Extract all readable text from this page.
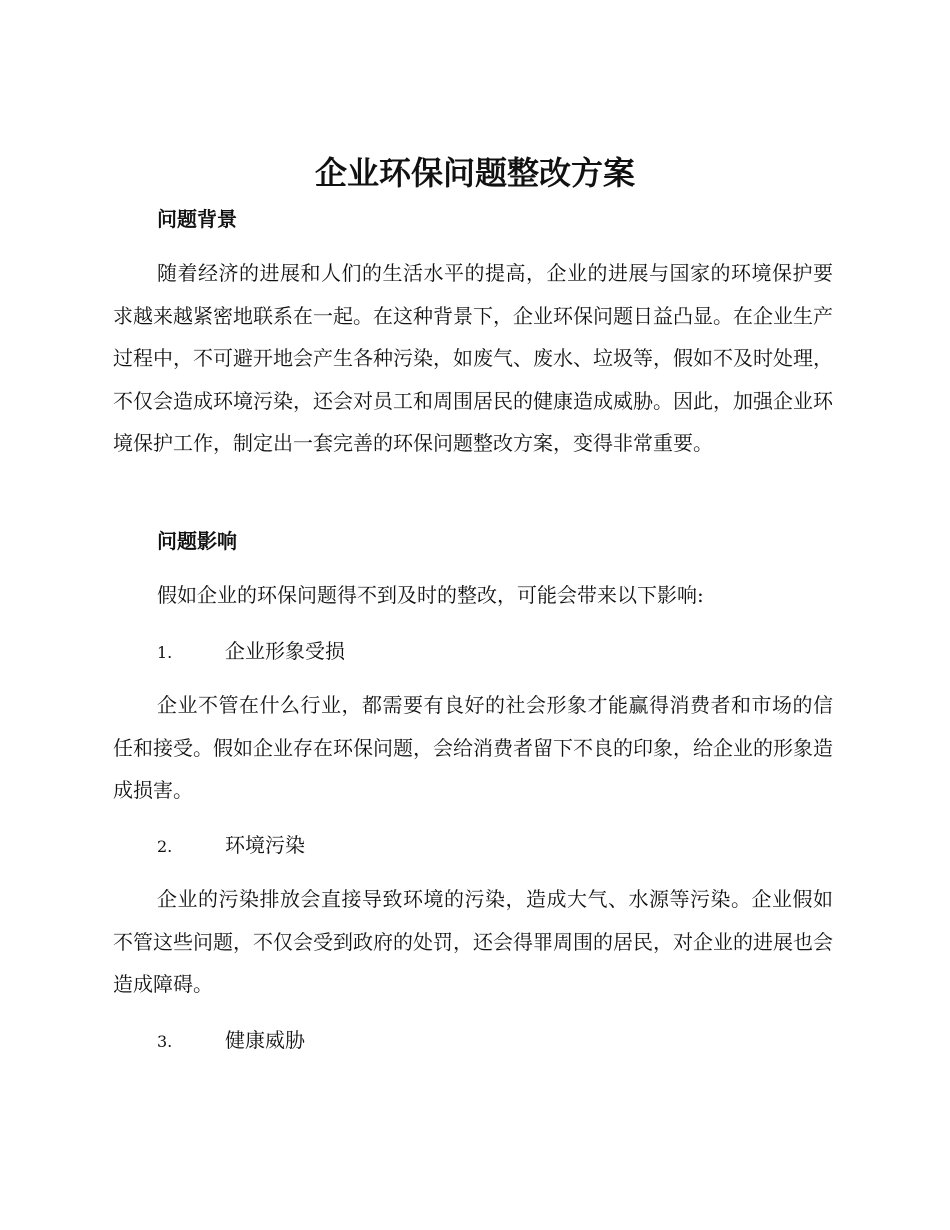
企业环保问题整改方案
问题背景
随着经济的进展和人们的生活水平的提高，企业的进展与国家的环境保护要求越来越紧密地联系在一起。在这种背景下，企业环保问题日益凸显。在企业生产过程中，不可避开地会产生各种污染，如废气、废水、垃圾等，假如不及时处理，不仅会造成环境污染，还会对员工和周围居民的健康造成威胁。因此，加强企业环境保护工作，制定出一套完善的环保问题整改方案，变得非常重要。
问题影响
假如企业的环保问题得不到及时的整改，可能会带来以下影响:
1.	企业形象受损
企业不管在什么行业，都需要有良好的社会形象才能赢得消费者和市场的信任和接受。假如企业存在环保问题，会给消费者留下不良的印象，给企业的形象造成损害。
2.	环境污染
企业的污染排放会直接导致环境的污染，造成大气、水源等污染。企业假如不管这些问题，不仅会受到政府的处罚，还会得罪周围的居民，对企业的进展也会造成障碍。
3.	健康威胁
